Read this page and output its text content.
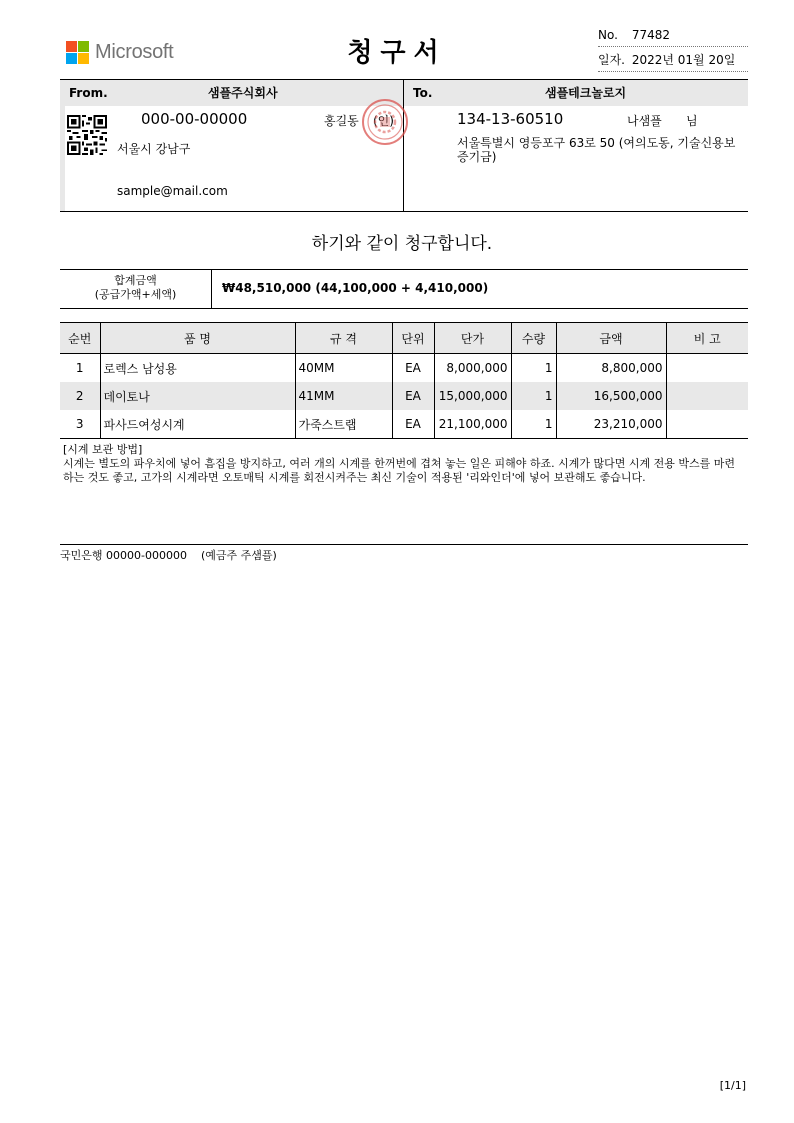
Microsoft	청구서
No. 77482
일자. 2022년 01월 20일
From.	샘플주식회사	To.	샘플테크놀로지
000-00-00000	홍길동 (인)
서울시 강남구
sample@mail.com
134-13-60510	나샘플 님
서울특별시 영등포구 63로 50 (여의도동, 기술신용보
증기금)
하기와 같이 청구합니다.
합계금액
(공급가액+세액)	₩48,510,000 (44,100,000 + 4,410,000)
순번	품 명	규 격	단위	단가	수량	금액	비 고
1	로렉스 남성용	40MM	EA	8,000,000	1	8,800,000	
2	데이토나	41MM	EA	15,000,000	1	16,500,000	
3	파사드여성시계	가죽스트랩	EA	21,100,000	1	23,210,000	
[시계 보관 방법]
시계는 별도의 파우치에 넣어 흠집을 방지하고, 여러 개의 시계를 한꺼번에 겹쳐 놓는 일은 피해야 하죠. 시계가 많다면 시계 전용 박스를 마련하는 것도 좋고, 고가의 시계라면 오토매틱 시계를 회전시켜주는 최신 기술이 적용된 '리와인더'에 넣어 보관해도 좋습니다.
국민은행 00000-000000    (예금주 주샘플)
[1/1]
